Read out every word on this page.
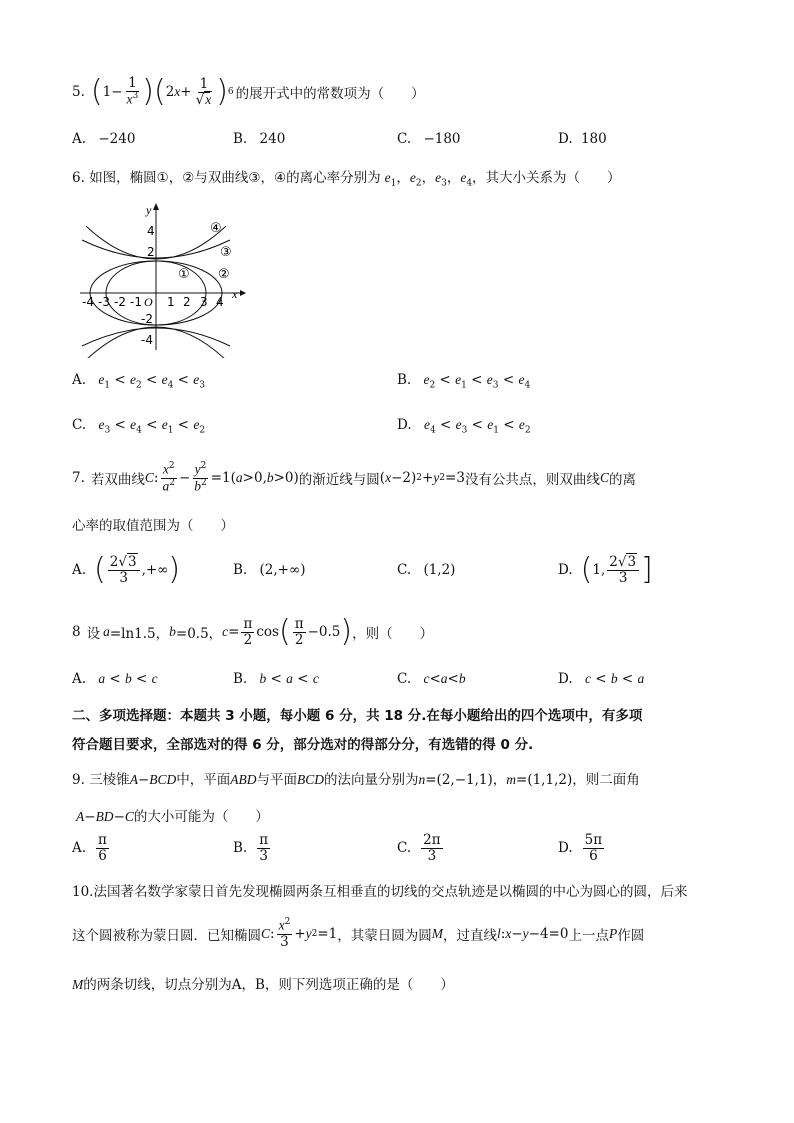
5. ( $1- \frac{1}{x^3}$ ) ( $2x+ \frac{1}{√x}$ ) 6 的展开式中的常数项为（　　）
A. −240	B. 240	C. −180	D. 180
6. 如图，椭圆①，②与双曲线③，④的离心率分别为 $e_1$，$e_2$，$e_3$，$e_4$，其大小关系为（　　）
x
y
O
-4 -3 -2 -1 1 2 3 4
4
2
-2
-4
① ②
③
④
A. $e_1 < e_2 < e_4 < e_3$	B. $e_2 < e_1 < e_3 < e_4$
C. $e_3 < e_4 < e_1 < e_2$	D. $e_4 < e_3 < e_1 < e_2$
7. 若双曲线 C : $\frac{x^2}{a^2} - \frac{y^2}{b^2} =1$( a >0, b >0) 的渐近线与圆 ( x −2) 2 + y 2 =3 没有公共点，则双曲线 C 的离
心率的取值范围为（　　）
A. ( $\frac{2√3}{3}$ ,+∞ )	B. (2,+∞)	C. (1,2)	D. ( 1, $\frac{2√3}{3}$ ]
8 设 a =ln1.5， b =0.5， $c = \frac{\pi}{2}$ cos ( $\frac{\pi}{2} -0.5$ ) ，则（　　）
A. a < b < c	B. b < a < c	C. c<a<b	D. c < b < a
二、多项选择题：本题共 3 小题，每小题 6 分，共 18 分.在每小题给出的四个选项中，有多项
符合题目要求，全部选对的得 6 分，部分选对的得部分分，有选错的得 0 分.
9. 三棱锥A−BCD中，平面ABD与平面BCD的法向量分别为n=(2,−1,1)，m=(1,1,2)，则二面角
A−BD−C的大小可能为（　　）
A. $\frac{\pi}{6}$	B. $\frac{\pi}{3}$	C. $\frac{2\pi}{3}$	D. $\frac{5\pi}{6}$
10.法国著名数学家蒙日首先发现椭圆两条互相垂直的切线的交点轨迹是以椭圆的中心为圆心的圆，后来
这个圆被称为蒙日圆．已知椭圆 C : $\frac{x^2}{3} + y$ 2 =1 ，其蒙日圆为圆 M ，过直线 l : x − y −4=0 上一点 P 作圆
M的两条切线，切点分别为A，B，则下列选项正确的是（　　）
